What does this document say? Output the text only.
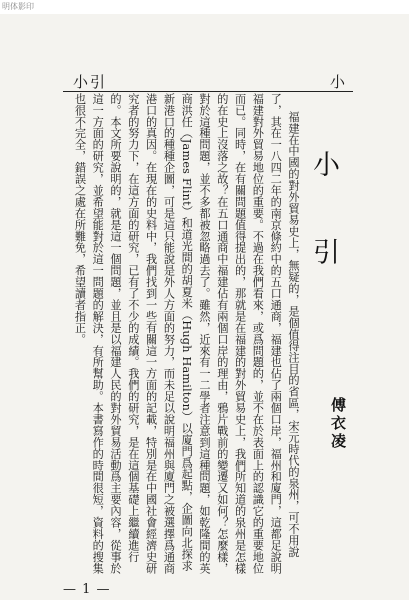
明体影印
小引	小
小 引
傅衣凌
福建在中國的對外貿易史上，無疑的，是個值得注目的省區，宋元時代的泉州，可不用說了，其在一八四二年的南京條約中的五口通商，福建也佔了兩個口岸，福州和廈門，這都足說明福建對外貿易地位的重要。不過在我們看來，或爲問題的，並不在於表面上的認識它的重要地位而已。同時，在有關問題值得提出的，那就是在福建的對外貿易史上，我們所知道的泉州是怎樣的在史上沒落之故？在五口通商中福建佔有兩個口岸的理由，鴉片戰前的變遷又如何？怎麼樣，對於這種問題，並不多都被忽略過去了。雖然，近來有一二學者注意到這種問題，如乾隆間的英商洪任（James Flint）和道光間的胡夏米（Hugh Hamilton）以廈門爲起點，企圖向北探求新港口的種種企圖，可是這只能說是外人方面的努力，而未足以說明福州與廈門之被選擇爲通商港口的真因。在現在的史料中，我們找到一些有關這一方面的記載，特別是在中國社會經濟史研究者的努力下，在這方面的研究，已有了不少的成績。我們的研究，是在這個基礎上繼續進行的。本文所要說明的，就是這一個問題，並且是以福建人民的對外貿易活動爲主要內容，從事於這一方面的研究，並希望能對於這一問題的解決，有所幫助。本書寫作的時間很短，資料的搜集也很不完全，錯誤之處在所難免，希望讀者指正。
— 1 —
